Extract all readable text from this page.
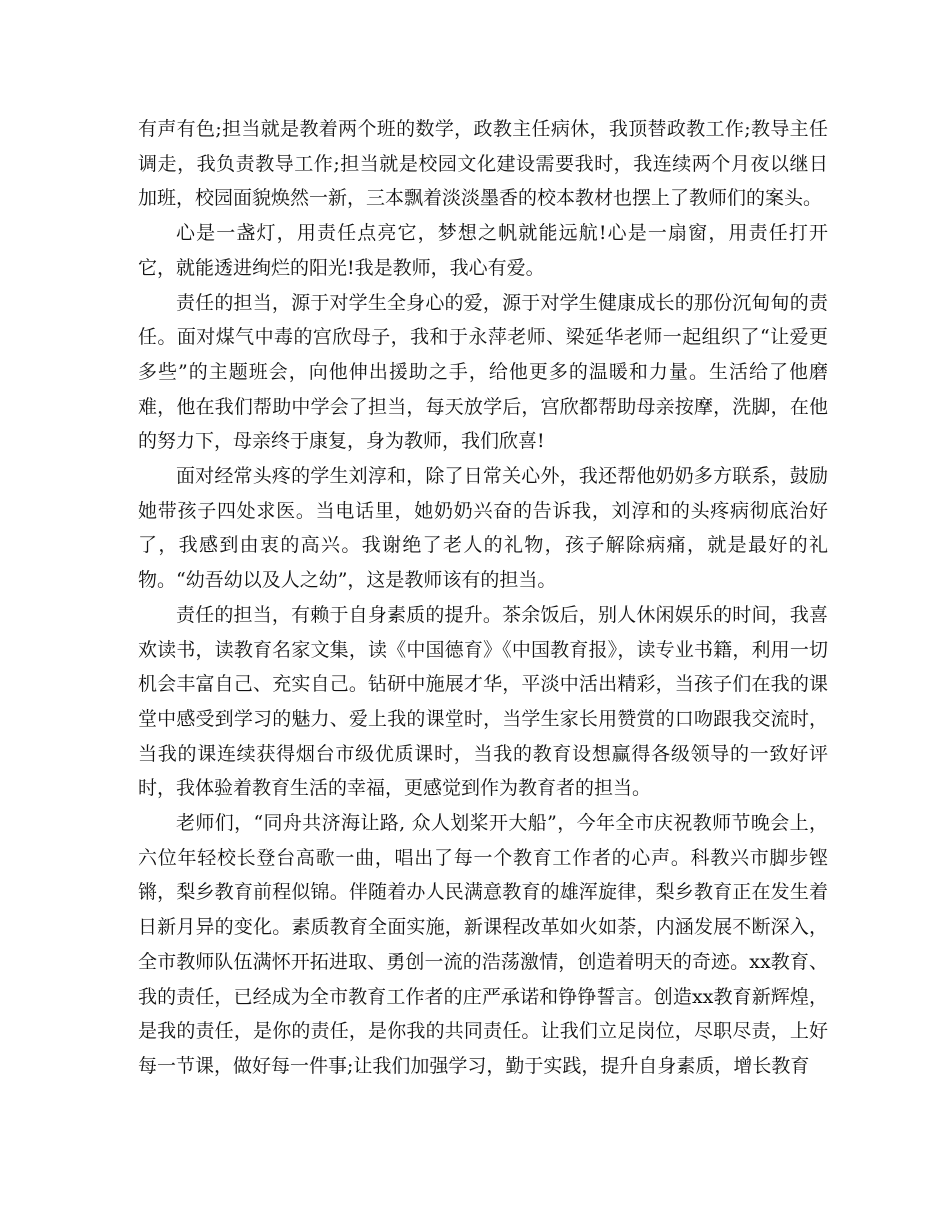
有声有色;担当就是教着两个班的数学，政教主任病休，我顶替政教工作;教导主任调走，我负责教导工作;担当就是校园文化建设需要我时，我连续两个月夜以继日加班，校园面貌焕然一新，三本飘着淡淡墨香的校本教材也摆上了教师们的案头。

心是一盏灯，用责任点亮它，梦想之帆就能远航!心是一扇窗，用责任打开它，就能透进绚烂的阳光!我是教师，我心有爱。

责任的担当，源于对学生全身心的爱，源于对学生健康成长的那份沉甸甸的责任。面对煤气中毒的宫欣母子，我和于永萍老师、梁延华老师一起组织了“让爱更多些”的主题班会，向他伸出援助之手，给他更多的温暖和力量。生活给了他磨难，他在我们帮助中学会了担当，每天放学后，宫欣都帮助母亲按摩，洗脚，在他的努力下，母亲终于康复，身为教师，我们欣喜!

面对经常头疼的学生刘淳和，除了日常关心外，我还帮他奶奶多方联系，鼓励她带孩子四处求医。当电话里，她奶奶兴奋的告诉我，刘淳和的头疼病彻底治好了，我感到由衷的高兴。我谢绝了老人的礼物，孩子解除病痛，就是最好的礼物。“幼吾幼以及人之幼”，这是教师该有的担当。

责任的担当，有赖于自身素质的提升。茶余饭后，别人休闲娱乐的时间，我喜欢读书，读教育名家文集，读《中国德育》《中国教育报》，读专业书籍，利用一切机会丰富自己、充实自己。钻研中施展才华，平淡中活出精彩，当孩子们在我的课堂中感受到学习的魅力、爱上我的课堂时，当学生家长用赞赏的口吻跟我交流时，当我的课连续获得烟台市级优质课时，当我的教育设想赢得各级领导的一致好评时，我体验着教育生活的幸福，更感觉到作为教育者的担当。

老师们，“同舟共济海让路, 众人划桨开大船”，今年全市庆祝教师节晚会上，六位年轻校长登台高歌一曲，唱出了每一个教育工作者的心声。科教兴市脚步铿锵，梨乡教育前程似锦。伴随着办人民满意教育的雄浑旋律，梨乡教育正在发生着日新月异的变化。素质教育全面实施，新课程改革如火如荼，内涵发展不断深入，全市教师队伍满怀开拓进取、勇创一流的浩荡激情，创造着明天的奇迹。xx教育、我的责任，已经成为全市教育工作者的庄严承诺和铮铮誓言。创造xx教育新辉煌，是我的责任，是你的责任，是你我的共同责任。让我们立足岗位，尽职尽责，上好每一节课，做好每一件事;让我们加强学习，勤于实践，提升自身素质，增长教育
